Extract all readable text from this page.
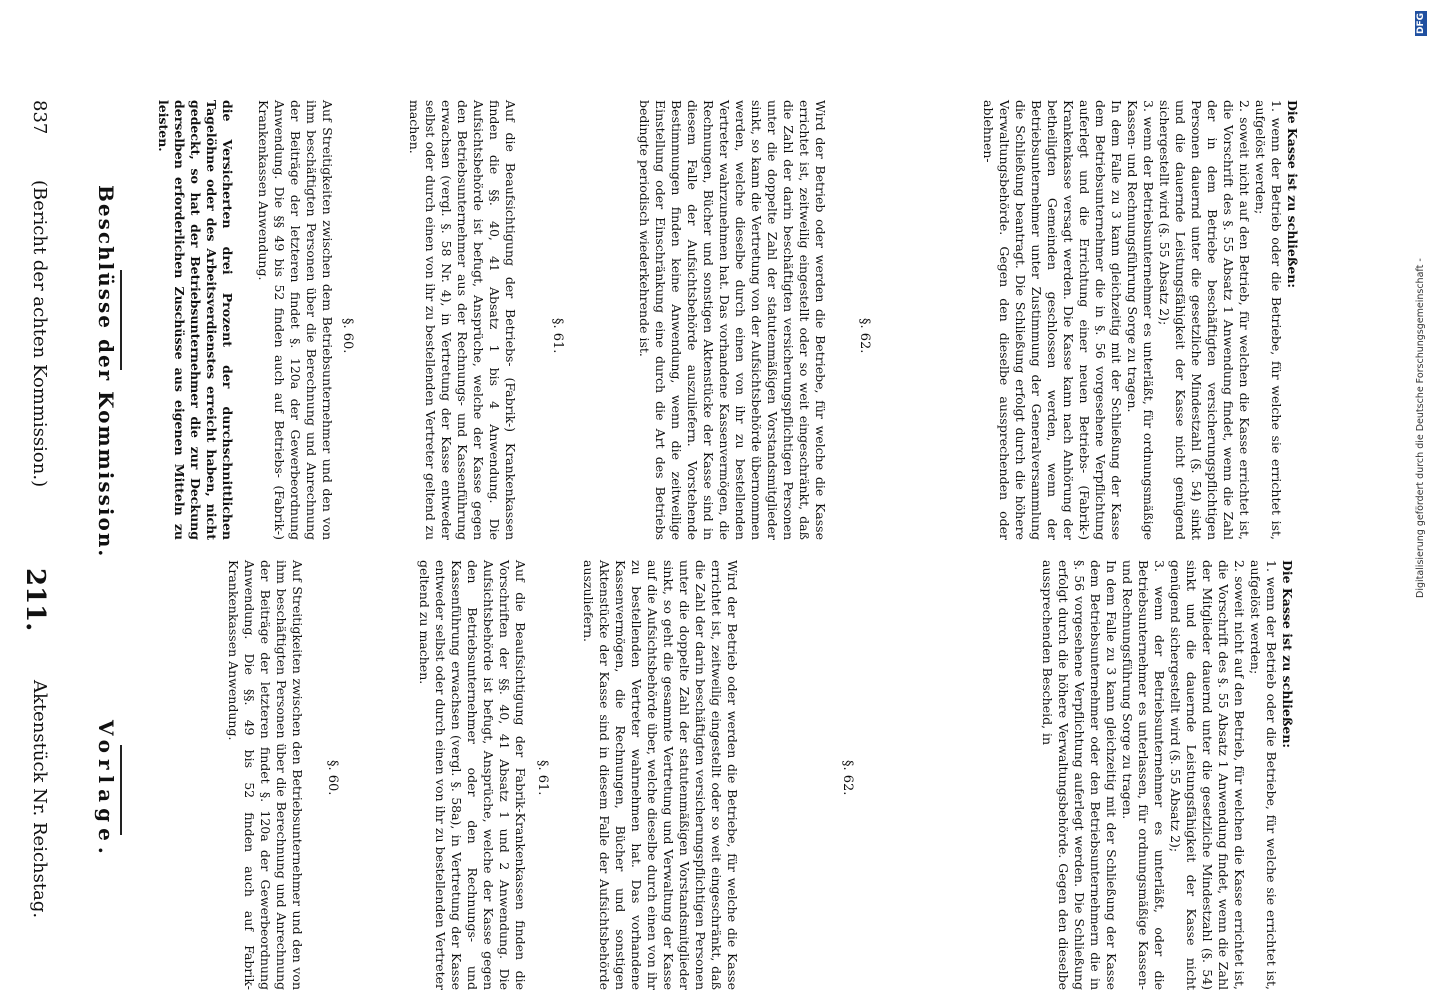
Reichstag.
Aktenstück Nr.
211.
(Bericht der achten Kommission.)
837
Vorlage.	Auf Streitigkeiten zwischen den Betriebsunternehmer und den von ihm beschäftigten Personen über die Berechnung und Anrechnung der Beiträge der letzteren findet §. 120a der Gewerbeordnung Anwendung. Die §§. 49 bis 52 finden auch auf Fabrik-Krankenkassen Anwendung.

§. 60.	Auf die Beaufsichtigung der Fabrik-Krankenkassen finden die Vorschriften der §§. 40, 41 Absatz 1 und 2 Anwendung. Die Aufsichtsbehörde ist befugt, Ansprüche, welche der Kasse gegen den Betriebsunternehmer oder den Rechnungs- und Kassenführung erwachsen (vergl. §. 58a), in Vertretung der Kasse entweder selbst oder durch einen von ihr zu bestellenden Vertreter geltend zu machen.

§. 61.	Wird der Betrieb oder werden die Betriebe, für welche die Kasse errichtet ist, zeitweilig eingestellt oder so weit eingeschränkt, daß die Zahl der darin beschäftigten versicherungspflichtigen Personen unter die doppelte Zahl der statutenmäßigen Vorstandsmitglieder sinkt, so geht die gesammte Vertretung und Verwaltung der Kasse auf die Aufsichtsbehörde über, welche dieselbe durch einen von ihr zu bestellenden Vertreter wahrnehmen hat. Das vorhandene Kassenvermögen, die Rechnungen, Bücher und sonstigen Aktenstücke der Kasse sind in diesem Falle der Aufsichtsbehörde auszuliefern.

§. 62.

Die Kasse ist zu schließen:

1. wenn der Betrieb oder die Betriebe, für welche sie errichtet ist, aufgelöst werden;

2. soweit nicht auf den Betrieb, für welchen die Kasse errichtet ist, die Vorschrift des §. 55 Absatz 1 Anwendung findet, wenn die Zahl der Mitglieder dauernd unter die gesetzliche Mindestzahl (§. 54) sinkt und die dauernde Leistungsfähigkeit der Kasse nicht genügend sichergestellt wird (§. 55 Absatz 2);

3. wenn der Betriebsunternehmer es unterläßt, oder die Betriebsunternehmer es unterlassen, für ordnungsmäßige Kassen- und Rechnungsführung Sorge zu tragen.

In dem Falle zu 3 kann gleichzeitig mit der Schließung der Kasse dem Betriebsunternehmer oder den Betriebsunternehmern die in §. 56 vorgesehene Verpflichtung auferlegt werden. Die Schließung erfolgt durch die höhere Verwaltungsbehörde. Gegen den dieselbe aussprechenden Bescheid, in

Beschlüsse der Kommission.	die Versicherten drei Prozent der durchschnittlichen Tagelöhne oder des Arbeitsverdienstes erreicht haben, nicht gedeckt, so hat der Betriebsunternehmer die zur Deckung derselben erforderlichen Zuschüsse aus eigenen Mitteln zu leisten.	Auf Streitigkeiten zwischen dem Betriebsunternehmer und den von ihm beschäftigten Personen über die Berechnung und Anrechnung der Beiträge der letzteren findet §. 120a der Gewerbeordnung Anwendung. Die §§ 49 bis 52 finden auch auf Betriebs- (Fabrik-) Krankenkassen Anwendung.

§. 60.	Auf die Beaufsichtigung der Betriebs- (Fabrik-) Krankenkassen finden die §§. 40, 41 Absatz 1 bis 4 Anwendung. Die Aufsichtsbehörde ist befugt, Ansprüche, welche der Kasse gegen den Betriebsunternehmer aus der Rechnungs- und Kassenführung erwachsen (vergl. §. 58 Nr. 4), in Vertretung der Kasse entweder selbst oder durch einen von ihr zu bestellenden Vertreter geltend zu machen.

§. 61.	Wird der Betrieb oder werden die Betriebe, für welche die Kasse errichtet ist, zeitweilig eingestellt oder so weit eingeschränkt, daß die Zahl der darin beschäftigten versicherungspflichtigen Personen unter die doppelte Zahl der statutenmäßigen Vorstandsmitglieder sinkt, so kann die Vertretung von der Aufsichtsbehörde übernommen werden, welche dieselbe durch einen von ihr zu bestellenden Vertreter wahrzunehmen hat. Das vorhandene Kassenvermögen, die Rechnungen, Bücher und sonstigen Aktenstücke der Kasse sind in diesem Falle der Aufsichtsbehörde auszuliefern. Vorstehende Bestimmungen finden keine Anwendung, wenn die zeitweilige Einstellung oder Einschränkung eine durch die Art des Betriebs bedingte periodisch wiederkehrende ist.	§. 62.

Die Kasse ist zu schließen:

1. wenn der Betrieb oder die Betriebe, für welche sie errichtet ist, aufgelöst werden;

2. soweit nicht auf den Betrieb, für welchen die Kasse errichtet ist, die Vorschrift des §. 55 Absatz 1 Anwendung findet, wenn die Zahl der in dem Betriebe beschäftigten versicherungspflichtigen Personen dauernd unter die gesetzliche Mindestzahl (§. 54) sinkt und die dauernde Leistungsfähigkeit der Kasse nicht genügend sichergestellt wird (§. 55 Absatz 2);

3. wenn der Betriebsunternehmer es unterläßt, für ordnungsmäßige Kassen- und Rechnungsführung Sorge zu tragen.

In dem Falle zu 3 kann gleichzeitig mit der Schließung der Kasse dem Betriebsunternehmer die in §. 56 vorgesehene Verpflichtung auferlegt und die Errichtung einer neuen Betriebs- (Fabrik-) Krankenkasse versagt werden. Die Kasse kann nach Anhörung der betheiligten Gemeinden geschlossen werden, wenn der Betriebsunternehmer unter Zustimmung der Generalversammlung die Schließung beantragt. Die Schließung erfolgt durch die höhere Verwaltungsbehörde. Gegen den dieselbe aussprechenden oder ablehnen-

Digitalisierung gefördert durch die Deutsche Forschungsgemeinschaft -
DFG
